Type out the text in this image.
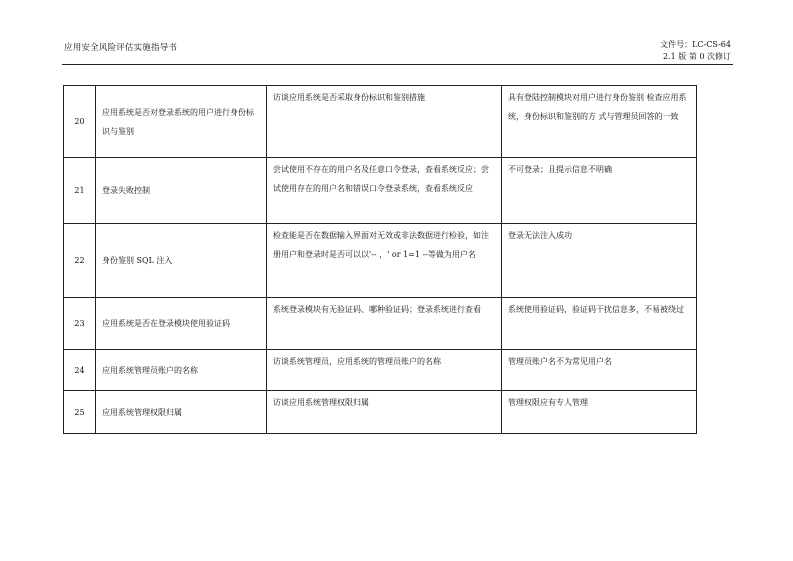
应用安全风险评估实施指导书	文件号：LC-CS-64
2.1 版 第 0 次修订
20	应用系统是否对登录系统的用户进行身份标识与鉴别	访谈应用系统是否采取身份标识和鉴别措施	具有登陆控制模块对用户进行身份鉴别 检查应用系统，身份标识和鉴别的方 式与管理员回答的一致

21	登录失败控制	尝试使用不存在的用户名及任意口令登录，查看系统反应；尝试使用存在的用户名和错误口令登录系统，查看系统反应	不可登录；且提示信息不明确

22	身份鉴别 SQL 注入	检查能是否在数据输入界面对无效或非法数据进行检验，如注册用户和登录时是否可以以'-- ，' or 1=1 --等做为用户名	登录无法注入成功

23	应用系统是否在登录模块使用验证码	系统登录模块有无验证码、哪种验证码；登录系统进行查看	系统使用验证码，验证码干扰信息多，不易被绕过

24	应用系统管理员账户的名称	访谈系统管理员，应用系统的管理员账户的名称	管理员账户名不为常见用户名

25	应用系统管理权限归属	访谈应用系统管理权限归属	管理权限应有专人管理
